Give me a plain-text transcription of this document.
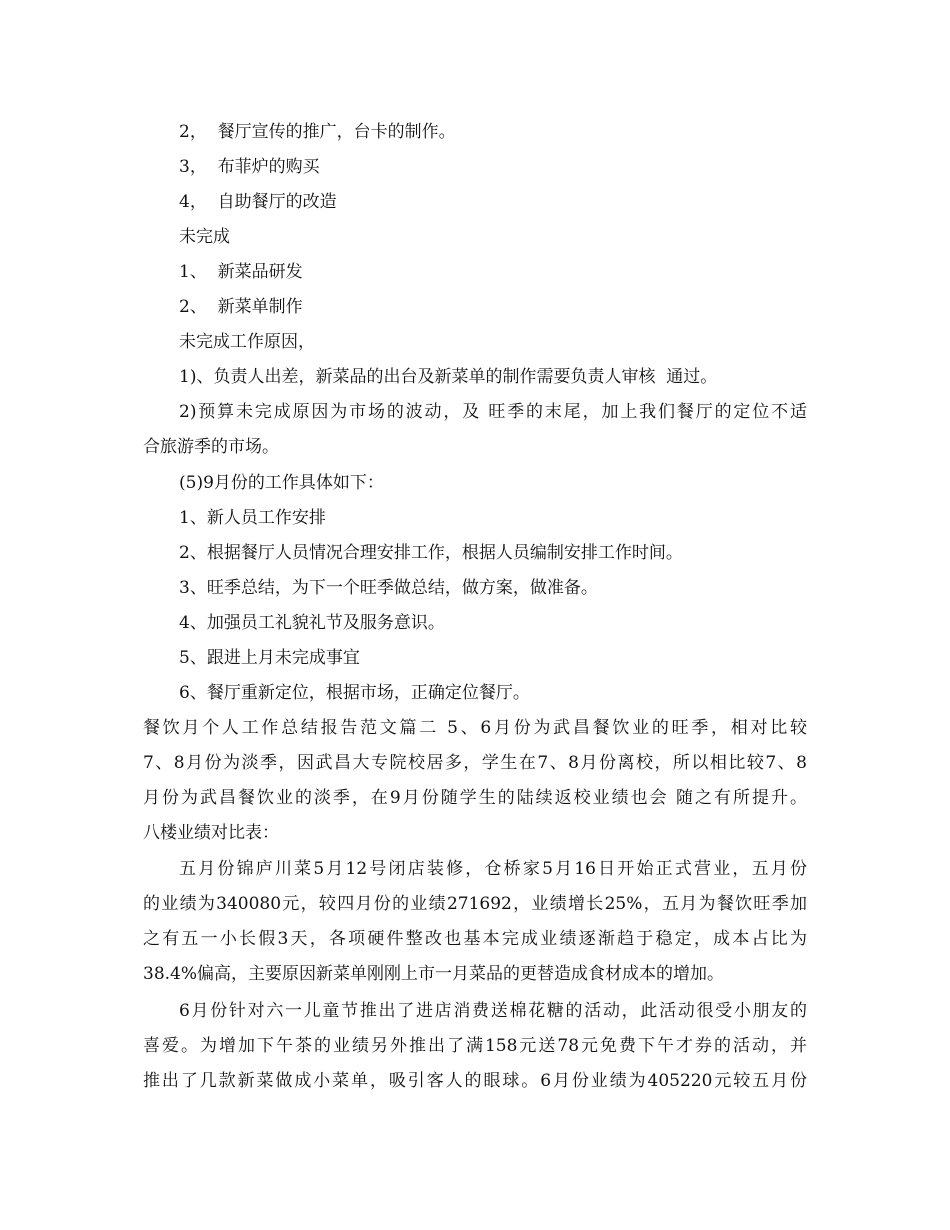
2，  餐厅宣传的推广，台卡的制作。
3，  布菲炉的购买
4，  自助餐厅的改造
未完成
1、  新菜品研发
2、  新菜单制作
未完成工作原因，
1)、负责人出差，新菜品的出台及新菜单的制作需要负责人审核  通过。
2)预算未完成原因为市场的波动，及 旺季的末尾，加上我们餐厅的定位不适
合旅游季的市场。
(5)9月份的工作具体如下：
1、新人员工作安排
2、根据餐厅人员情况合理安排工作，根据人员编制安排工作时间。
3、旺季总结，为下一个旺季做总结，做方案，做准备。
4、加强员工礼貌礼节及服务意识。
5、跟进上月未完成事宜
6、餐厅重新定位，根据市场，正确定位餐厅。
餐饮月个人工作总结报告范文篇二 5、6月份为武昌餐饮业的旺季，相对比较
7、8月份为淡季，因武昌大专院校居多，学生在7、8月份离校，所以相比较7、8
月份为武昌餐饮业的淡季，在9月份随学生的陆续返校业绩也会 随之有所提升。
八楼业绩对比表：
五月份锦庐川菜5月12号闭店装修，仓桥家5月16日开始正式营业，五月份
的业绩为340080元，较四月份的业绩271692，业绩增长25%，五月为餐饮旺季加
之有五一小长假3天，各项硬件整改也基本完成业绩逐渐趋于稳定，成本占比为
38.4%偏高，主要原因新菜单刚刚上市一月菜品的更替造成食材成本的增加。
6月份针对六一儿童节推出了进店消费送棉花糖的活动，此活动很受小朋友的
喜爱。为增加下午茶的业绩另外推出了满158元送78元免费下午才券的活动，并
推出了几款新菜做成小菜单，吸引客人的眼球。6月份业绩为405220元较五月份
